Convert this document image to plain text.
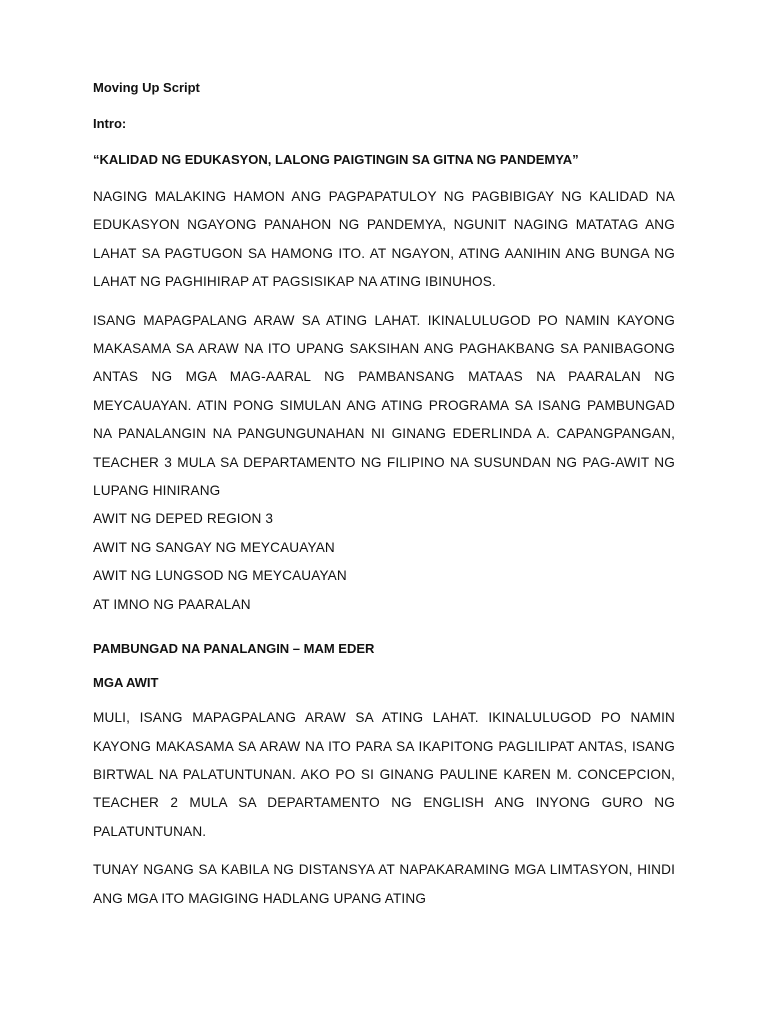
Moving Up Script

Intro:

“KALIDAD NG EDUKASYON, LALONG PAIGTINGIN SA GITNA NG PANDEMYA”

NAGING MALAKING HAMON ANG PAGPAPATULOY NG PAGBIBIGAY NG KALIDAD NA EDUKASYON NGAYONG PANAHON NG PANDEMYA, NGUNIT NAGING MATATAG ANG LAHAT SA PAGTUGON SA HAMONG ITO. AT NGAYON, ATING AANIHIN ANG BUNGA NG LAHAT NG PAGHIHIRAP AT PAGSISIKAP NA ATING IBINUHOS.

ISANG MAPAGPALANG ARAW SA ATING LAHAT. IKINALULUGOD PO NAMIN KAYONG MAKASAMA SA ARAW NA ITO UPANG SAKSIHAN ANG PAGHAKBANG SA PANIBAGONG ANTAS NG MGA MAG-AARAL NG PAMBANSANG MATAAS NA PAARALAN NG MEYCAUAYAN. ATIN PONG SIMULAN ANG ATING PROGRAMA SA ISANG PAMBUNGAD NA PANALANGIN NA PANGUNGUNAHAN NI GINANG EDERLINDA A. CAPANGPANGAN, TEACHER 3 MULA SA DEPARTAMENTO NG FILIPINO NA SUSUNDAN NG PAG-AWIT NG LUPANG HINIRANG

AWIT NG DEPED REGION 3

AWIT NG SANGAY NG MEYCAUAYAN

AWIT NG LUNGSOD NG MEYCAUAYAN

AT IMNO NG PAARALAN

PAMBUNGAD NA PANALANGIN – MAM EDER

MGA AWIT

MULI, ISANG MAPAGPALANG ARAW SA ATING LAHAT. IKINALULUGOD PO NAMIN KAYONG MAKASAMA SA ARAW NA ITO PARA SA IKAPITONG PAGLILIPAT ANTAS, ISANG BIRTWAL NA PALATUNTUNAN. AKO PO SI GINANG PAULINE KAREN M. CONCEPCION, TEACHER 2 MULA SA DEPARTAMENTO NG ENGLISH ANG INYONG GURO NG PALATUNTUNAN.

TUNAY NGANG SA KABILA NG DISTANSYA AT NAPAKARAMING MGA LIMTASYON, HINDI ANG MGA ITO MAGIGING HADLANG UPANG ATING
